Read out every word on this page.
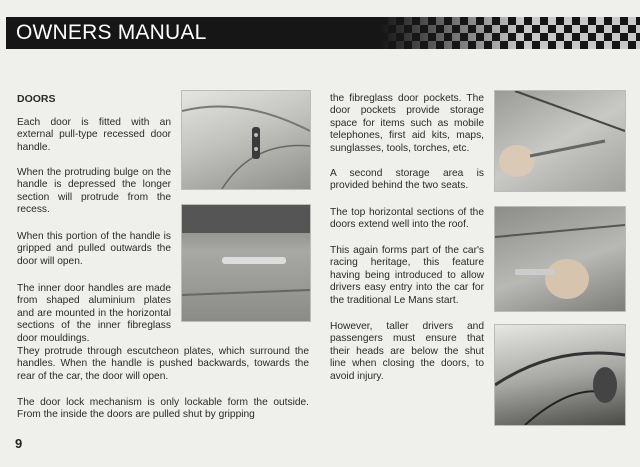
OWNERS MANUAL
DOORS
Each door is fitted with an external pull-type recessed door handle.
When the protruding bulge on the handle is depressed the longer section will protrude from the recess.
When this portion of the handle is gripped and pulled outwards the door will open.
The inner door handles are made from shaped aluminium plates and are mounted in the horizontal sections of the inner fibreglass door mouldings.
They protrude through escutcheon plates, which surround the handles. When the handle is pushed backwards, towards the rear of the car, the door will open.
The door lock mechanism is only lockable form the outside. From the inside the doors are pulled shut by gripping
the fibreglass door pockets. The door pockets provide storage space for items such as mobile telephones, first aid kits, maps, sunglasses, tools, torches, etc.
A second storage area is provided behind the two seats.
The top horizontal sections of the doors extend well into the roof.
This again forms part of the car's racing heritage, this feature having being introduced to allow drivers easy entry into the car for the traditional Le Mans start.
However, taller drivers and passengers must ensure that their heads are below the shut line when closing the doors, to avoid injury.
9
